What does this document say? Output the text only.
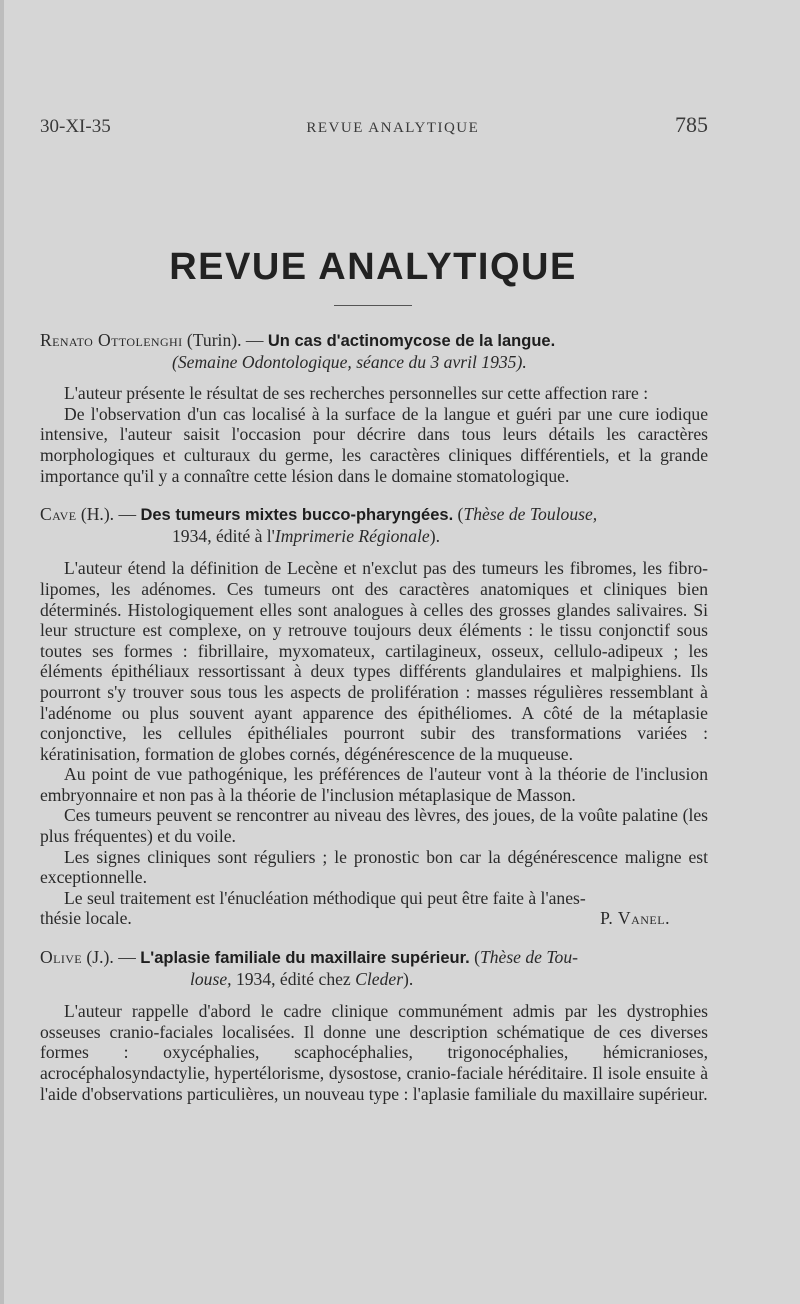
30-XI-35	REVUE ANALYTIQUE	785
REVUE ANALYTIQUE
Renato Ottolenghi (Turin). — Un cas d'actinomycose de la langue.
(Semaine Odontologique, séance du 3 avril 1935).

L'auteur présente le résultat de ses recherches personnelles sur cette affection rare :

De l'observation d'un cas localisé à la surface de la langue et guéri par une cure iodique intensive, l'auteur saisit l'occasion pour décrire dans tous leurs détails les caractères morphologiques et culturaux du germe, les caractères cliniques différentiels, et la grande importance qu'il y a connaître cette lésion dans le domaine stomatologique.

Cave (H.). — Des tumeurs mixtes bucco-pharyngées. (Thèse de Toulouse,
1934, édité à l'Imprimerie Régionale).

L'auteur étend la définition de Lecène et n'exclut pas des tumeurs les fibromes, les fibro-lipomes, les adénomes. Ces tumeurs ont des caractères anatomiques et cliniques bien déterminés. Histologiquement elles sont analogues à celles des grosses glandes salivaires. Si leur structure est complexe, on y retrouve toujours deux éléments : le tissu conjonctif sous toutes ses formes : fibrillaire, myxomateux, cartilagineux, osseux, cellulo-adipeux ; les éléments épithéliaux ressortissant à deux types différents glandulaires et malpighiens. Ils pourront s'y trouver sous tous les aspects de prolifération : masses régulières ressemblant à l'adénome ou plus souvent ayant apparence des épithéliomes. A côté de la métaplasie conjonctive, les cellules épithéliales pourront subir des transformations variées : kératinisation, formation de globes cornés, dégénérescence de la muqueuse.

Au point de vue pathogénique, les préférences de l'auteur vont à la théorie de l'inclusion embryonnaire et non pas à la théorie de l'inclusion métaplasique de Masson.

Ces tumeurs peuvent se rencontrer au niveau des lèvres, des joues, de la voûte palatine (les plus fréquentes) et du voile.

Les signes cliniques sont réguliers ; le pronostic bon car la dégénérescence maligne est exceptionnelle.

Le seul traitement est l'énucléation méthodique qui peut être faite à l'anes-

thésie locale.	P. Vanel.
Olive (J.). — L'aplasie familiale du maxillaire supérieur. (Thèse de Tou-
louse, 1934, édité chez Cleder).

L'auteur rappelle d'abord le cadre clinique communément admis par les dystrophies osseuses cranio-faciales localisées. Il donne une description schématique de ces diverses formes : oxycéphalies, scaphocéphalies, trigonocéphalies, hémicranioses, acrocéphalosyndactylie, hypertélorisme, dysostose, cranio-faciale héréditaire. Il isole ensuite à l'aide d'observations particulières, un nouveau type : l'aplasie familiale du maxillaire supérieur.
